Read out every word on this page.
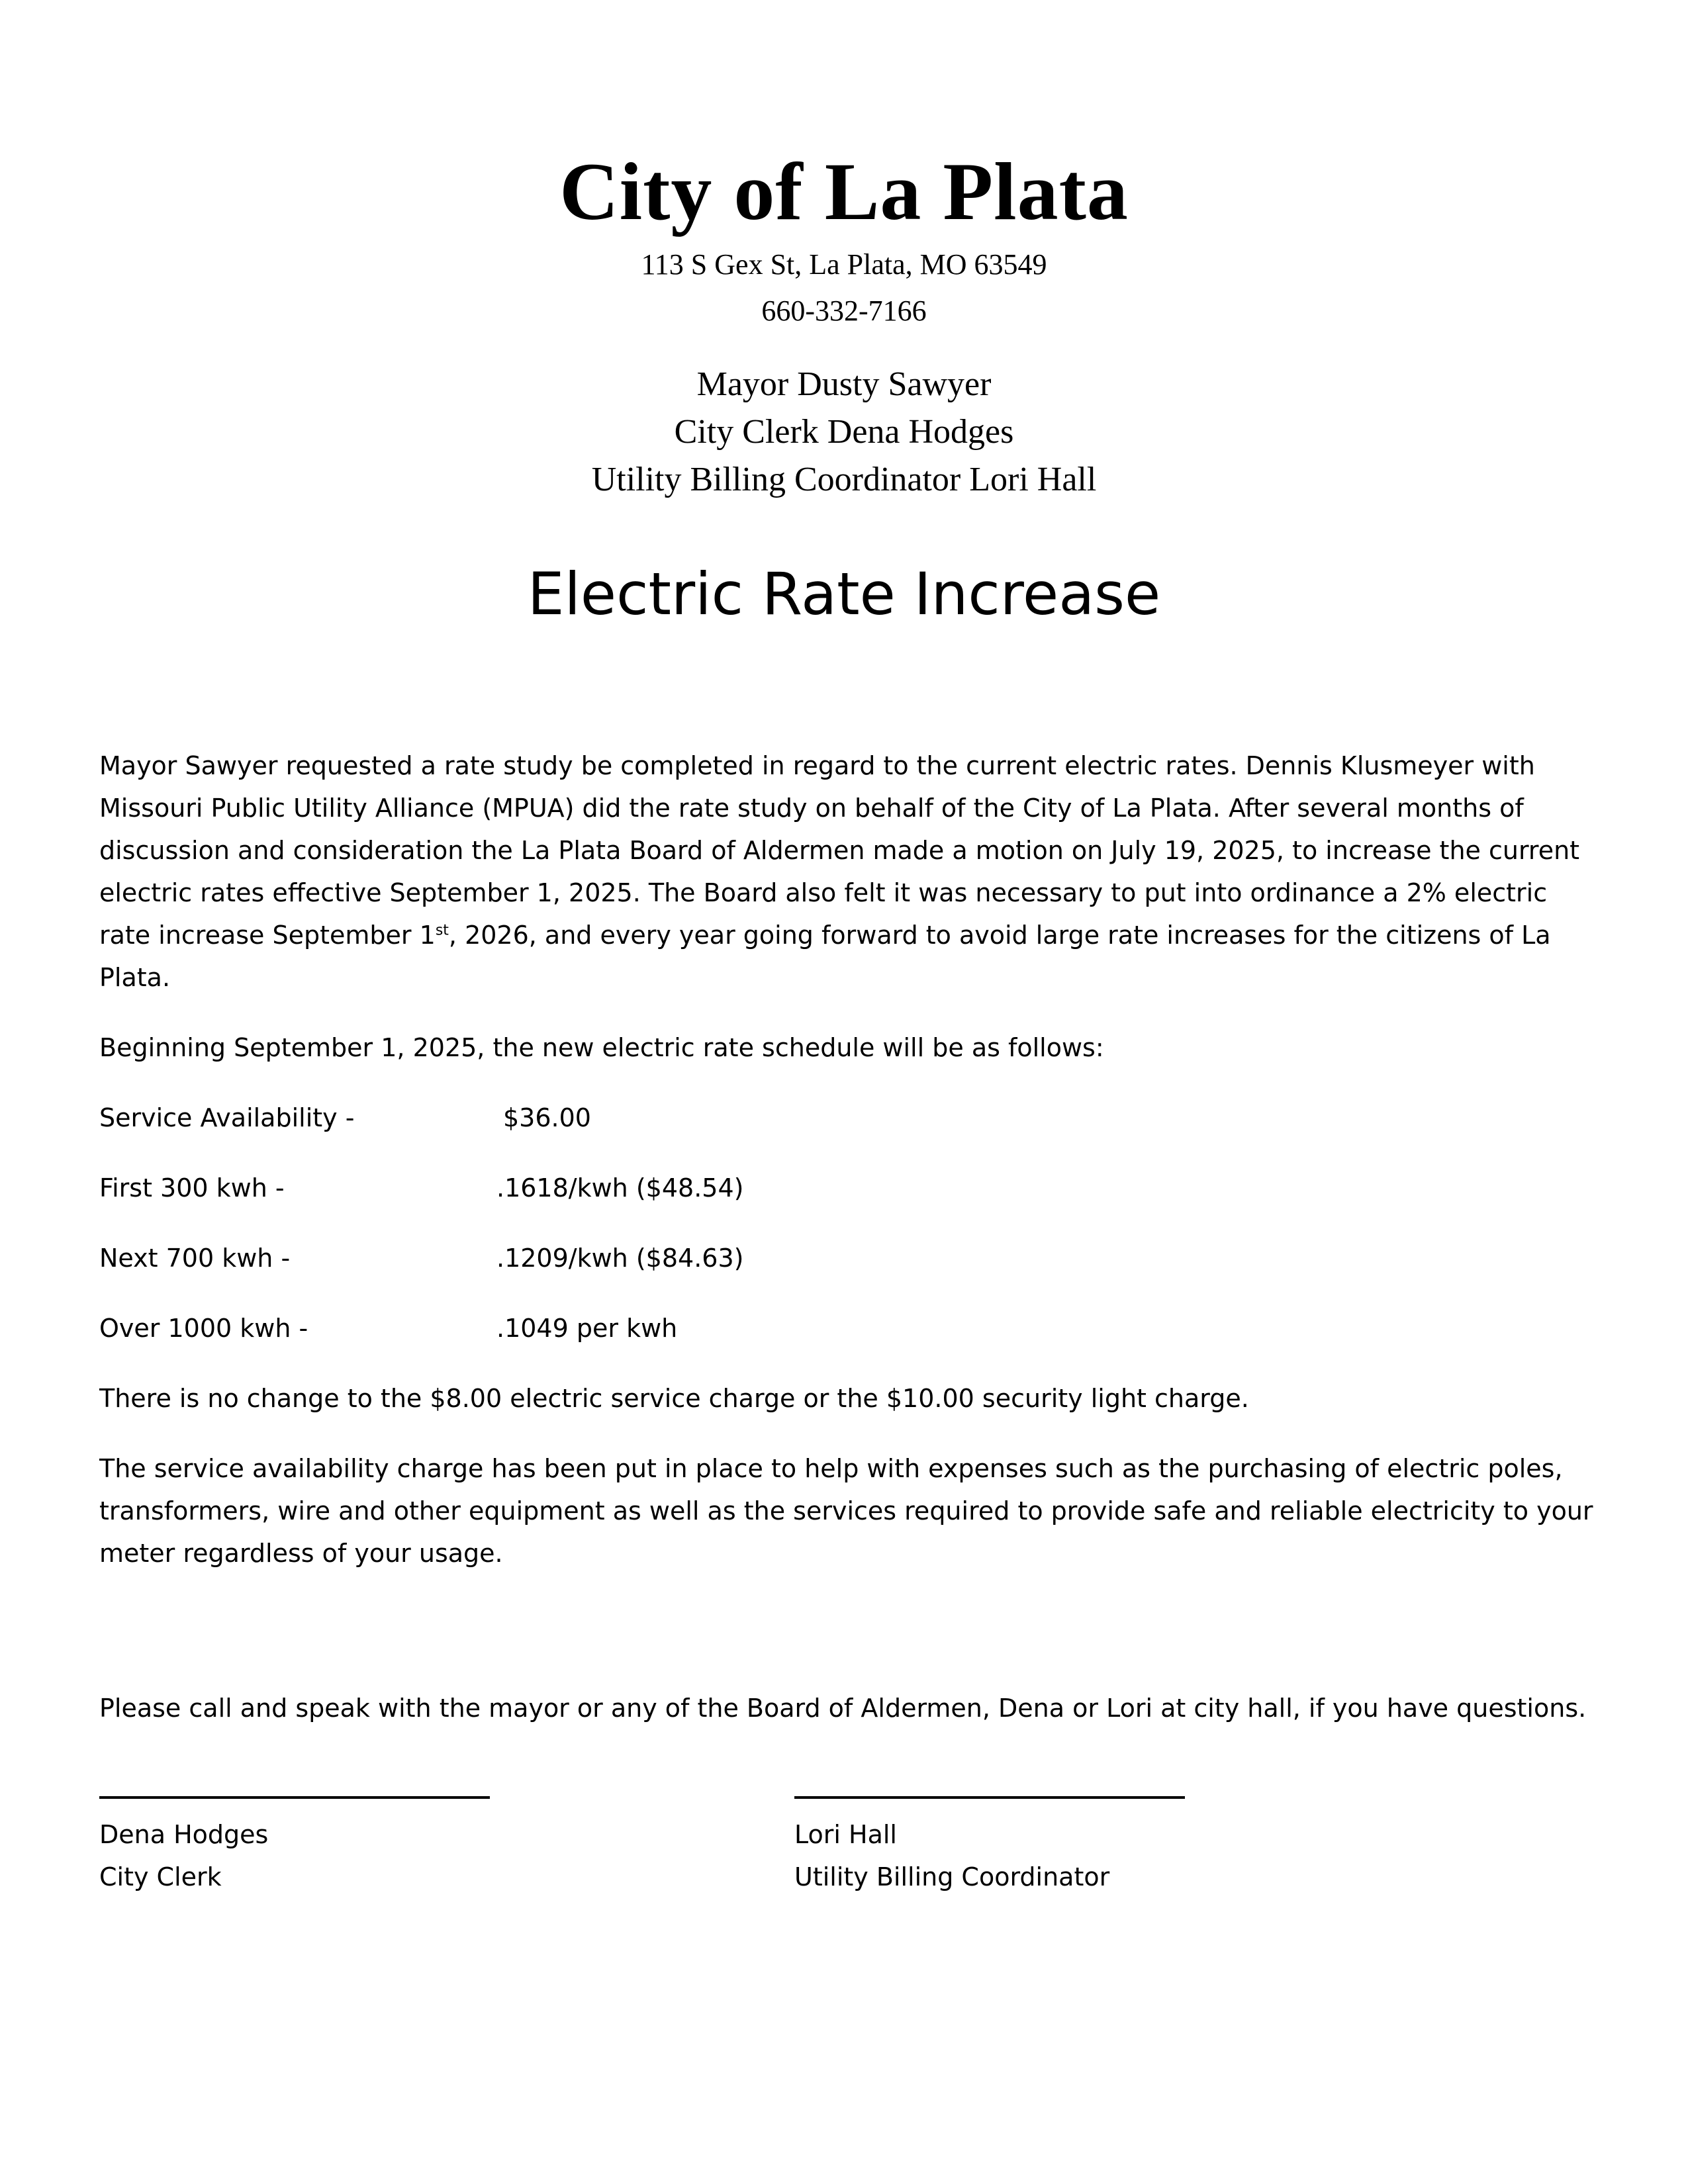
City of La Plata
113 S Gex St, La Plata, MO 63549
660-332-7166
Mayor Dusty Sawyer
City Clerk Dena Hodges
Utility Billing Coordinator Lori Hall
Electric Rate Increase

Mayor Sawyer requested a rate study be completed in regard to the current electric rates. Dennis Klusmeyer with Missouri Public Utility Alliance (MPUA) did the rate study on behalf of the City of La Plata. After several months of discussion and consideration the La Plata Board of Aldermen made a motion on July 19, 2025, to increase the current electric rates effective September 1, 2025. The Board also felt it was necessary to put into ordinance a 2% electric rate increase September 1st, 2026, and every year going forward to avoid large rate increases for the citizens of La Plata.

Beginning September 1, 2025, the new electric rate schedule will be as follows:

Service Availability -	$36.00
First 300 kwh -	.1618/kwh ($48.54)
Next 700 kwh -	.1209/kwh ($84.63)
Over 1000 kwh -	.1049 per kwh

There is no change to the $8.00 electric service charge or the $10.00 security light charge.

The service availability charge has been put in place to help with expenses such as the purchasing of electric poles, transformers, wire and other equipment as well as the services required to provide safe and reliable electricity to your meter regardless of your usage.

Please call and speak with the mayor or any of the Board of Aldermen, Dena or Lori at city hall, if you have questions.

Dena Hodges
City Clerk
Lori Hall
Utility Billing Coordinator
